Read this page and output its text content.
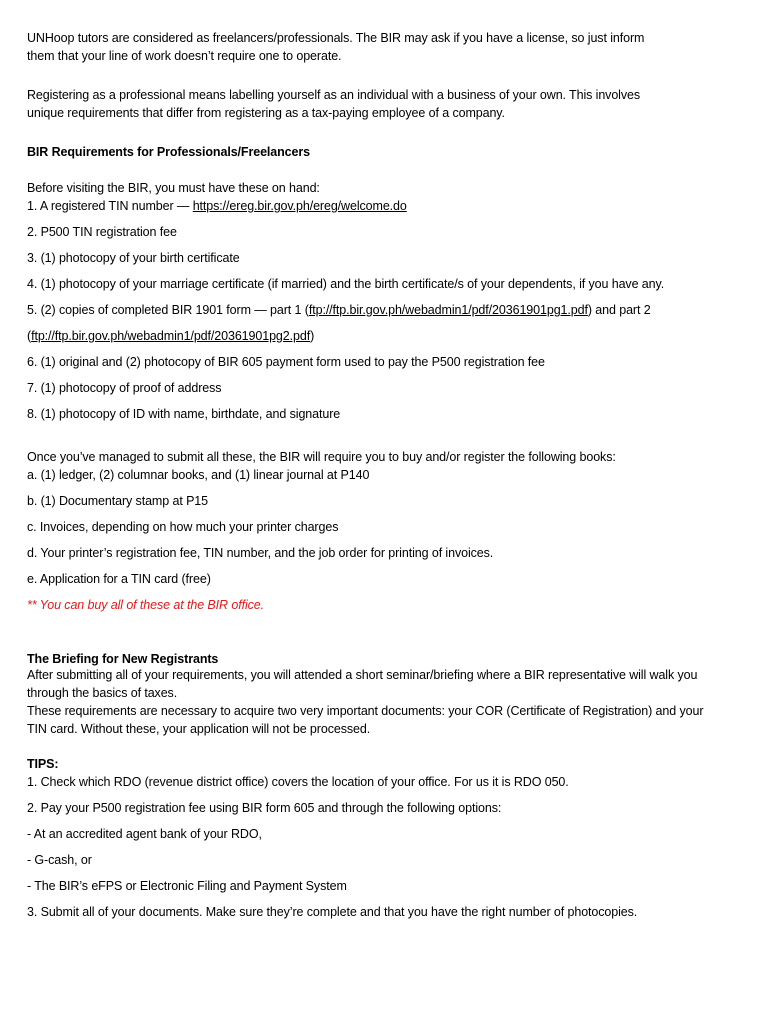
UNHoop tutors are considered as freelancers/professionals. The BIR may ask if you have a license, so just inform
them that your line of work doesn’t require one to operate.
Registering as a professional means labelling yourself as an individual with a business of your own. This involves
unique requirements that differ from registering as a tax-paying employee of a company.
BIR Requirements for Professionals/Freelancers
Before visiting the BIR, you must have these on hand:
1. A registered TIN number — https://ereg.bir.gov.ph/ereg/welcome.do
2. P500 TIN registration fee
3. (1) photocopy of your birth certificate
4. (1) photocopy of your marriage certificate (if married) and the birth certificate/s of your dependents, if you have any.
5. (2) copies of completed BIR 1901 form — part 1 (ftp://ftp.bir.gov.ph/webadmin1/pdf/20361901pg1.pdf) and part 2
(ftp://ftp.bir.gov.ph/webadmin1/pdf/20361901pg2.pdf)
6. (1) original and (2) photocopy of BIR 605 payment form used to pay the P500 registration fee
7. (1) photocopy of proof of address
8. (1) photocopy of ID with name, birthdate, and signature
Once you’ve managed to submit all these, the BIR will require you to buy and/or register the following books:
a. (1) ledger, (2) columnar books, and (1) linear journal at P140
b. (1) Documentary stamp at P15
c. Invoices, depending on how much your printer charges
d. Your printer’s registration fee, TIN number, and the job order for printing of invoices.
e. Application for a TIN card (free)
** You can buy all of these at the BIR office.
The Briefing for New Registrants
After submitting all of your requirements, you will attended a short seminar/briefing where a BIR representative will walk you
through the basics of taxes.
These requirements are necessary to acquire two very important documents: your COR (Certificate of Registration) and your
TIN card. Without these, your application will not be processed.
TIPS:
1. Check which RDO (revenue district office) covers the location of your office. For us it is RDO 050.
2. Pay your P500 registration fee using BIR form 605 and through the following options:
- At an accredited agent bank of your RDO,
- G-cash, or
- The BIR’s eFPS or Electronic Filing and Payment System
3. Submit all of your documents. Make sure they’re complete and that you have the right number of photocopies.
